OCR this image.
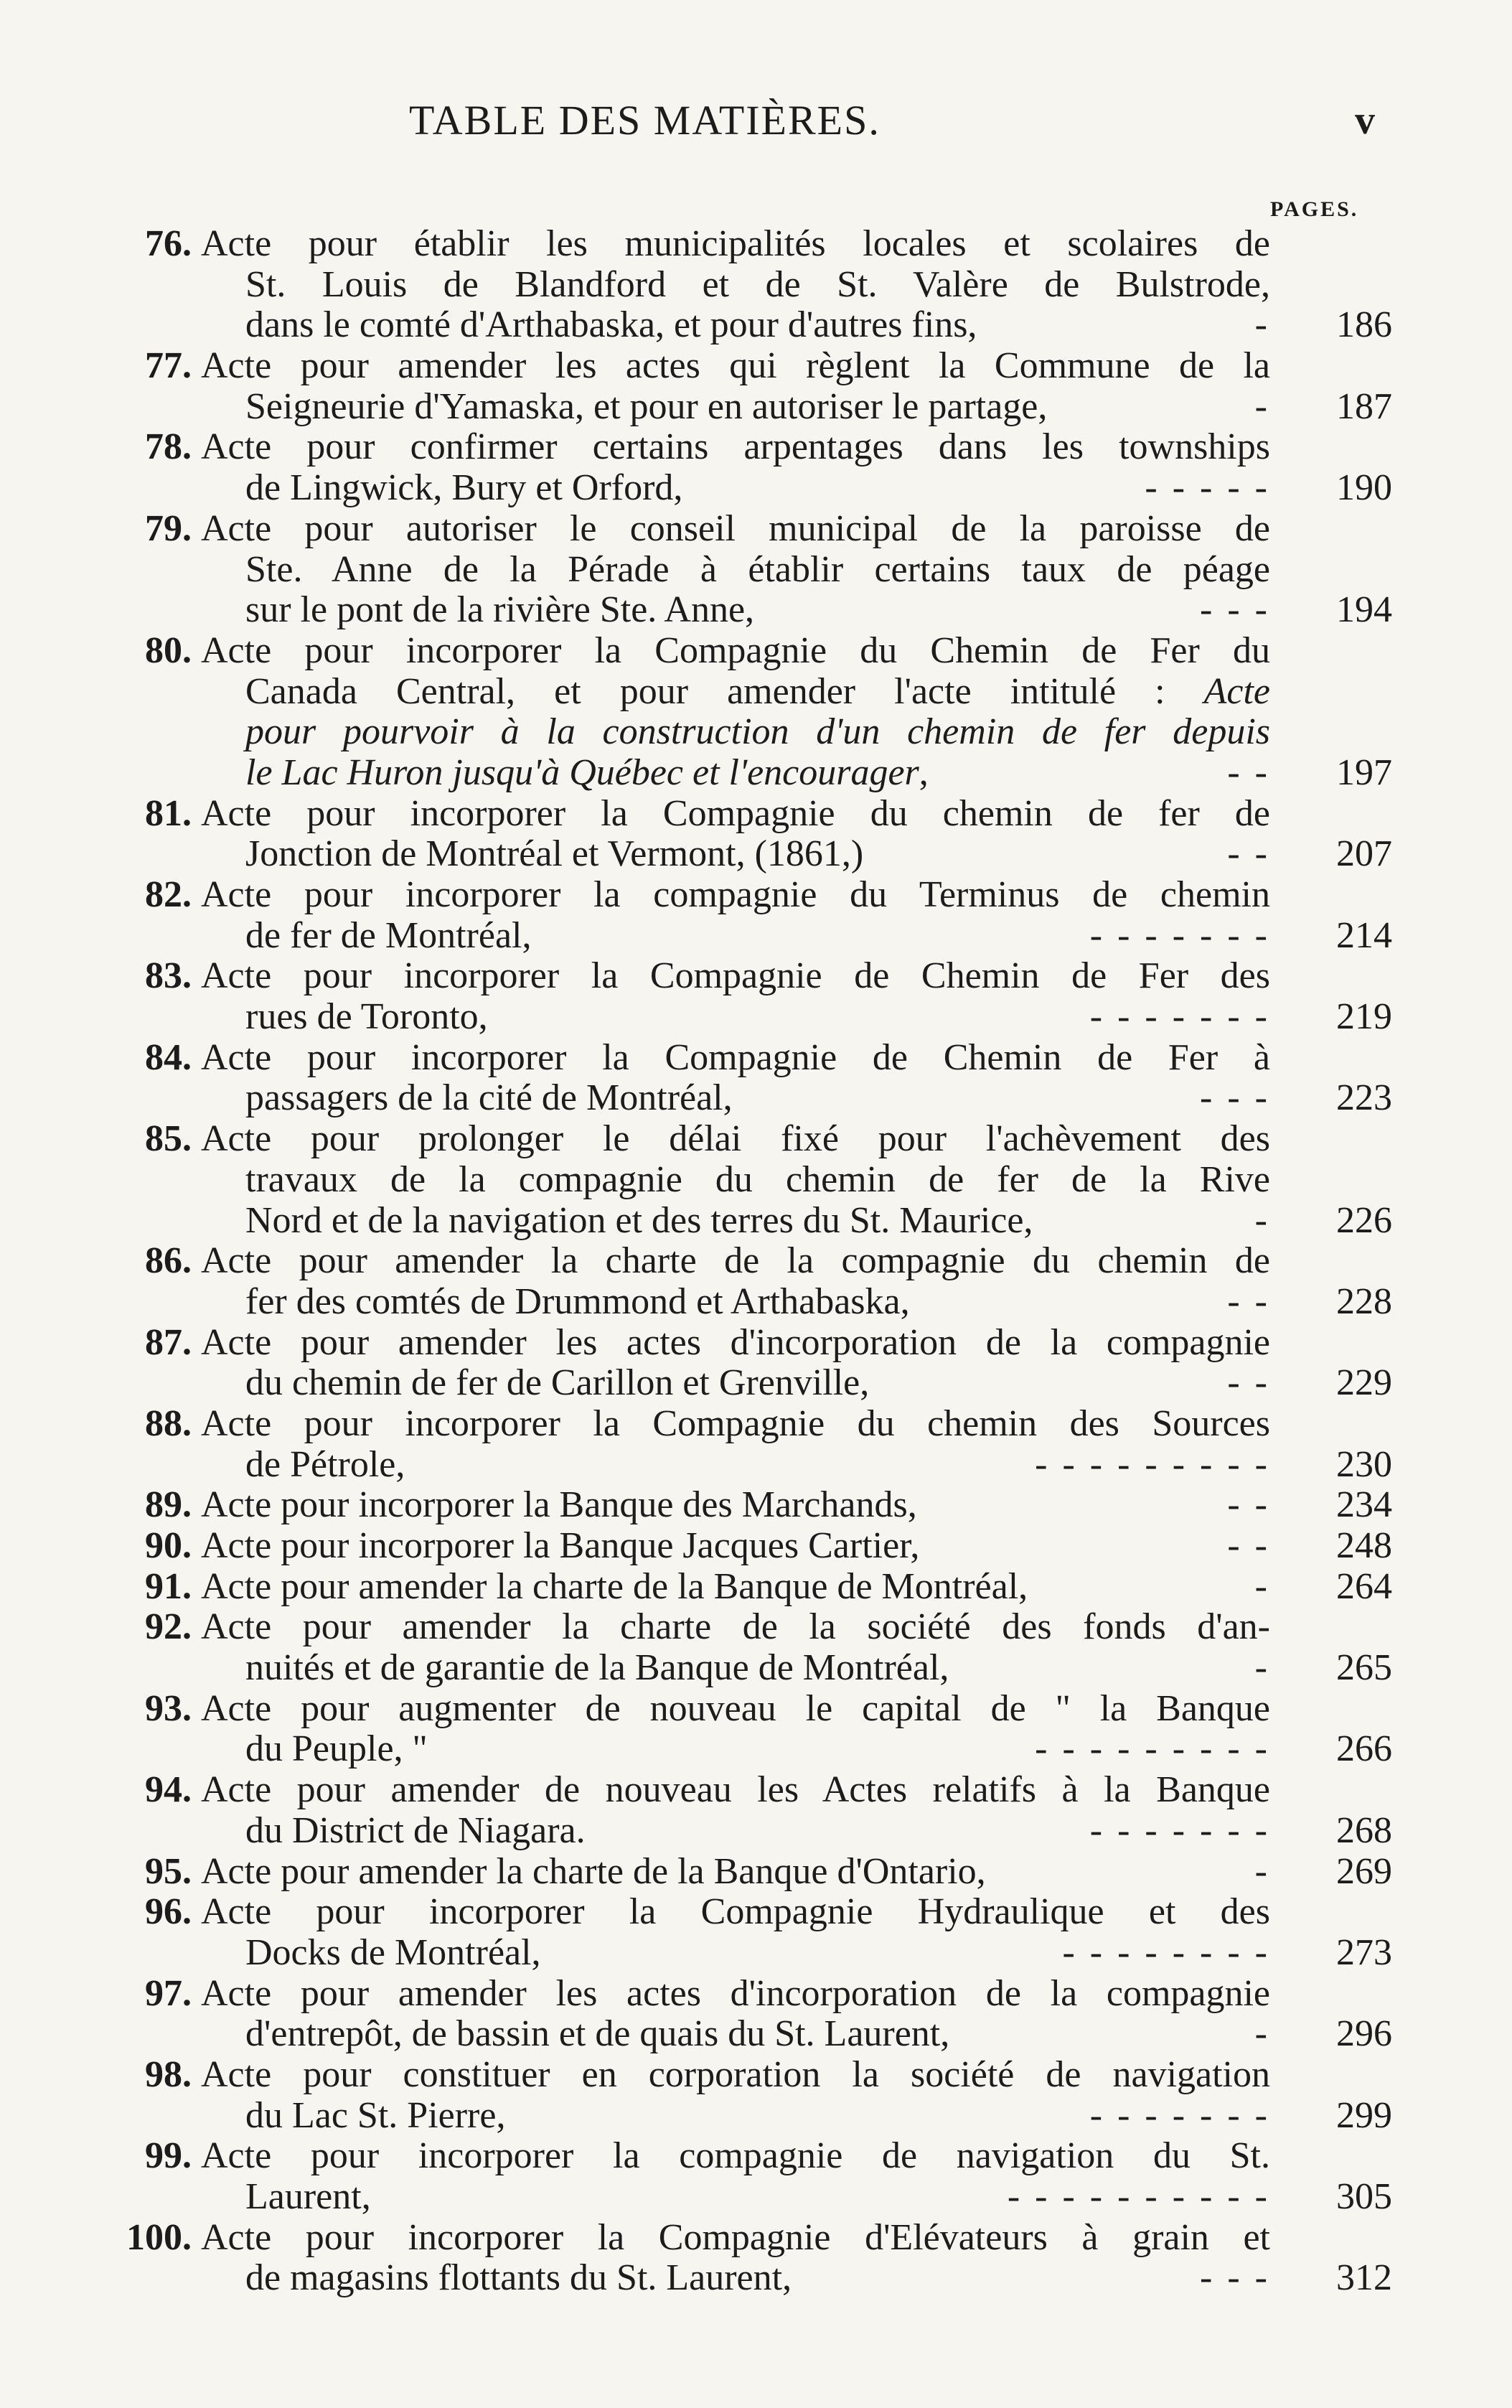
TABLE DES MATIÈRES.	v
PAGES.
76. Acte pour établir les municipalités locales et scolaires de
St. Louis de Blandford et de St. Valère de Bulstrode,
dans le comté d'Arthabaska, et pour d'autres fins,	-	186
77. Acte pour amender les actes qui règlent la Commune de la
Seigneurie d'Yamaska, et pour en autoriser le partage,	-	187
78. Acte pour confirmer certains arpentages dans les townships
de Lingwick, Bury et Orford,	- - - - -	190
79. Acte pour autoriser le conseil municipal de la paroisse de
Ste. Anne de la Pérade à établir certains taux de péage
sur le pont de la rivière Ste. Anne,	- - -	194
80. Acte pour incorporer la Compagnie du Chemin de Fer du
Canada Central, et pour amender l'acte intitulé : Acte
pour pourvoir à la construction d'un chemin de fer depuis
le Lac Huron jusqu'à Québec et l'encourager,	- -	197
81. Acte pour incorporer la Compagnie du chemin de fer de
Jonction de Montréal et Vermont, (1861,)	- -	207
82. Acte pour incorporer la compagnie du Terminus de chemin
de fer de Montréal,	- - - - - - -	214
83. Acte pour incorporer la Compagnie de Chemin de Fer des
rues de Toronto,	- - - - - - -	219
84. Acte pour incorporer la Compagnie de Chemin de Fer à
passagers de la cité de Montréal,	- - -	223
85. Acte pour prolonger le délai fixé pour l'achèvement des
travaux de la compagnie du chemin de fer de la Rive
Nord et de la navigation et des terres du St. Maurice,	-	226
86. Acte pour amender la charte de la compagnie du chemin de
fer des comtés de Drummond et Arthabaska,	- -	228
87. Acte pour amender les actes d'incorporation de la compagnie
du chemin de fer de Carillon et Grenville,	- -	229
88. Acte pour incorporer la Compagnie du chemin des Sources
de Pétrole,	- - - - - - - - -	230
89. Acte pour incorporer la Banque des Marchands,	- -	234
90. Acte pour incorporer la Banque Jacques Cartier,	- -	248
91. Acte pour amender la charte de la Banque de Montréal,	-	264
92. Acte pour amender la charte de la société des fonds d'an-
nuités et de garantie de la Banque de Montréal,	-	265
93. Acte pour augmenter de nouveau le capital de " la Banque
du Peuple, "	- - - - - - - - -	266
94. Acte pour amender de nouveau les Actes relatifs à la Banque
du District de Niagara.	- - - - - - -	268
95. Acte pour amender la charte de la Banque d'Ontario,	-	269
96. Acte pour incorporer la Compagnie Hydraulique et des
Docks de Montréal,	- - - - - - - -	273
97. Acte pour amender les actes d'incorporation de la compagnie
d'entrepôt, de bassin et de quais du St. Laurent,	-	296
98. Acte pour constituer en corporation la société de navigation
du Lac St. Pierre,	- - - - - - -	299
99. Acte pour incorporer la compagnie de navigation du St.
Laurent,	- - - - - - - - - -	305
100. Acte pour incorporer la Compagnie d'Elévateurs à grain et
de magasins flottants du St. Laurent,	- - -	312
